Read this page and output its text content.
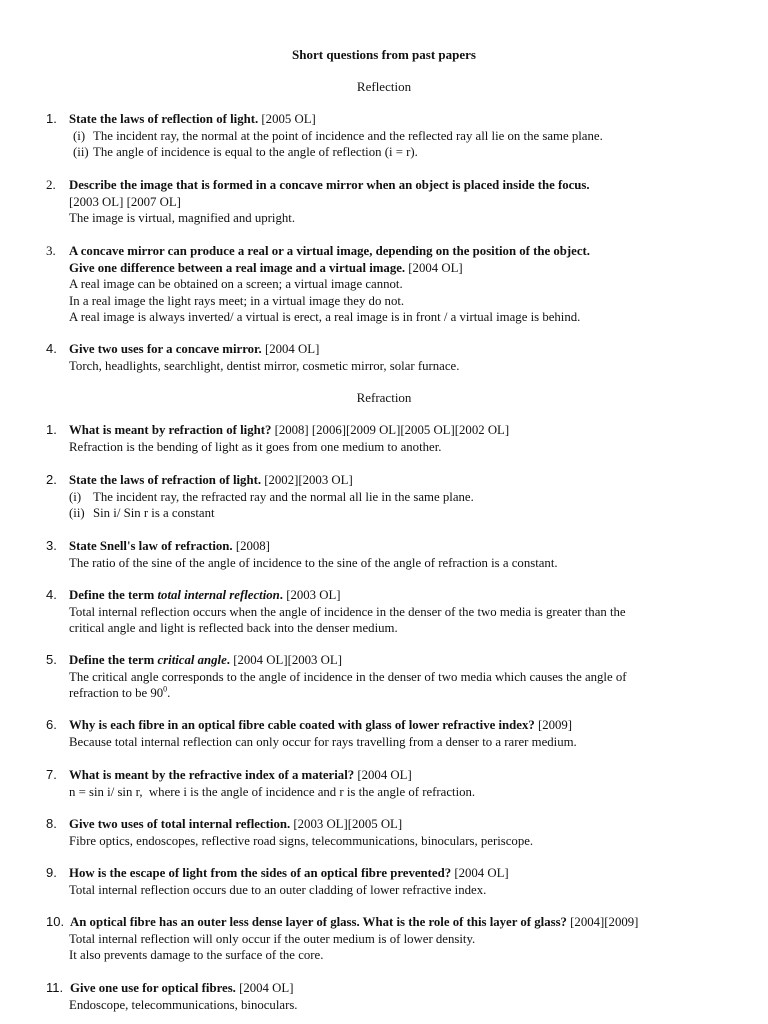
Short questions from past papers
Reflection
1. State the laws of reflection of light. [2005 OL]
(i) The incident ray, the normal at the point of incidence and the reflected ray all lie on the same plane.
(ii) The angle of incidence is equal to the angle of reflection (i = r).
2.	Describe the image that is formed in a concave mirror when an object is placed inside the focus.
[2003 OL] [2007 OL]
The image is virtual, magnified and upright.
3.	A concave mirror can produce a real or a virtual image, depending on the position of the object.
Give one difference between a real image and a virtual image. [2004 OL]
A real image can be obtained on a screen; a virtual image cannot.
In a real image the light rays meet; in a virtual image they do not.
A real image is always inverted/ a virtual is erect, a real image is in front / a virtual image is behind.
4. Give two uses for a concave mirror. [2004 OL]
Torch, headlights, searchlight, dentist mirror, cosmetic mirror, solar furnace.
Refraction
1. What is meant by refraction of light? [2008] [2006][2009 OL][2005 OL][2002 OL]
Refraction is the bending of light as it goes from one medium to another.
2. State the laws of refraction of light. [2002][2003 OL]
(i) The incident ray, the refracted ray and the normal all lie in the same plane.
(ii) Sin i/ Sin r is a constant
3. State Snell's law of refraction. [2008]
The ratio of the sine of the angle of incidence to the sine of the angle of refraction is a constant.
4. Define the term total internal reflection. [2003 OL]
Total internal reflection occurs when the angle of incidence in the denser of the two media is greater than the
critical angle and light is reflected back into the denser medium.
5. Define the term critical angle. [2004 OL][2003 OL]
The critical angle corresponds to the angle of incidence in the denser of two media which causes the angle of
refraction to be $90^0$.
6. Why is each fibre in an optical fibre cable coated with glass of lower refractive index? [2009]
Because total internal reflection can only occur for rays travelling from a denser to a rarer medium.
7. What is meant by the refractive index of a material? [2004 OL]
n = sin i/ sin r,  where i is the angle of incidence and r is the angle of refraction.
8. Give two uses of total internal reflection. [2003 OL][2005 OL]
Fibre optics, endoscopes, reflective road signs, telecommunications, binoculars, periscope.
9. How is the escape of light from the sides of an optical fibre prevented? [2004 OL]
Total internal reflection occurs due to an outer cladding of lower refractive index.
10. An optical fibre has an outer less dense layer of glass. What is the role of this layer of glass? [2004][2009]
Total internal reflection will only occur if the outer medium is of lower density.
It also prevents damage to the surface of the core.
11. Give one use for optical fibres. [2004 OL]
Endoscope, telecommunications, binoculars.
